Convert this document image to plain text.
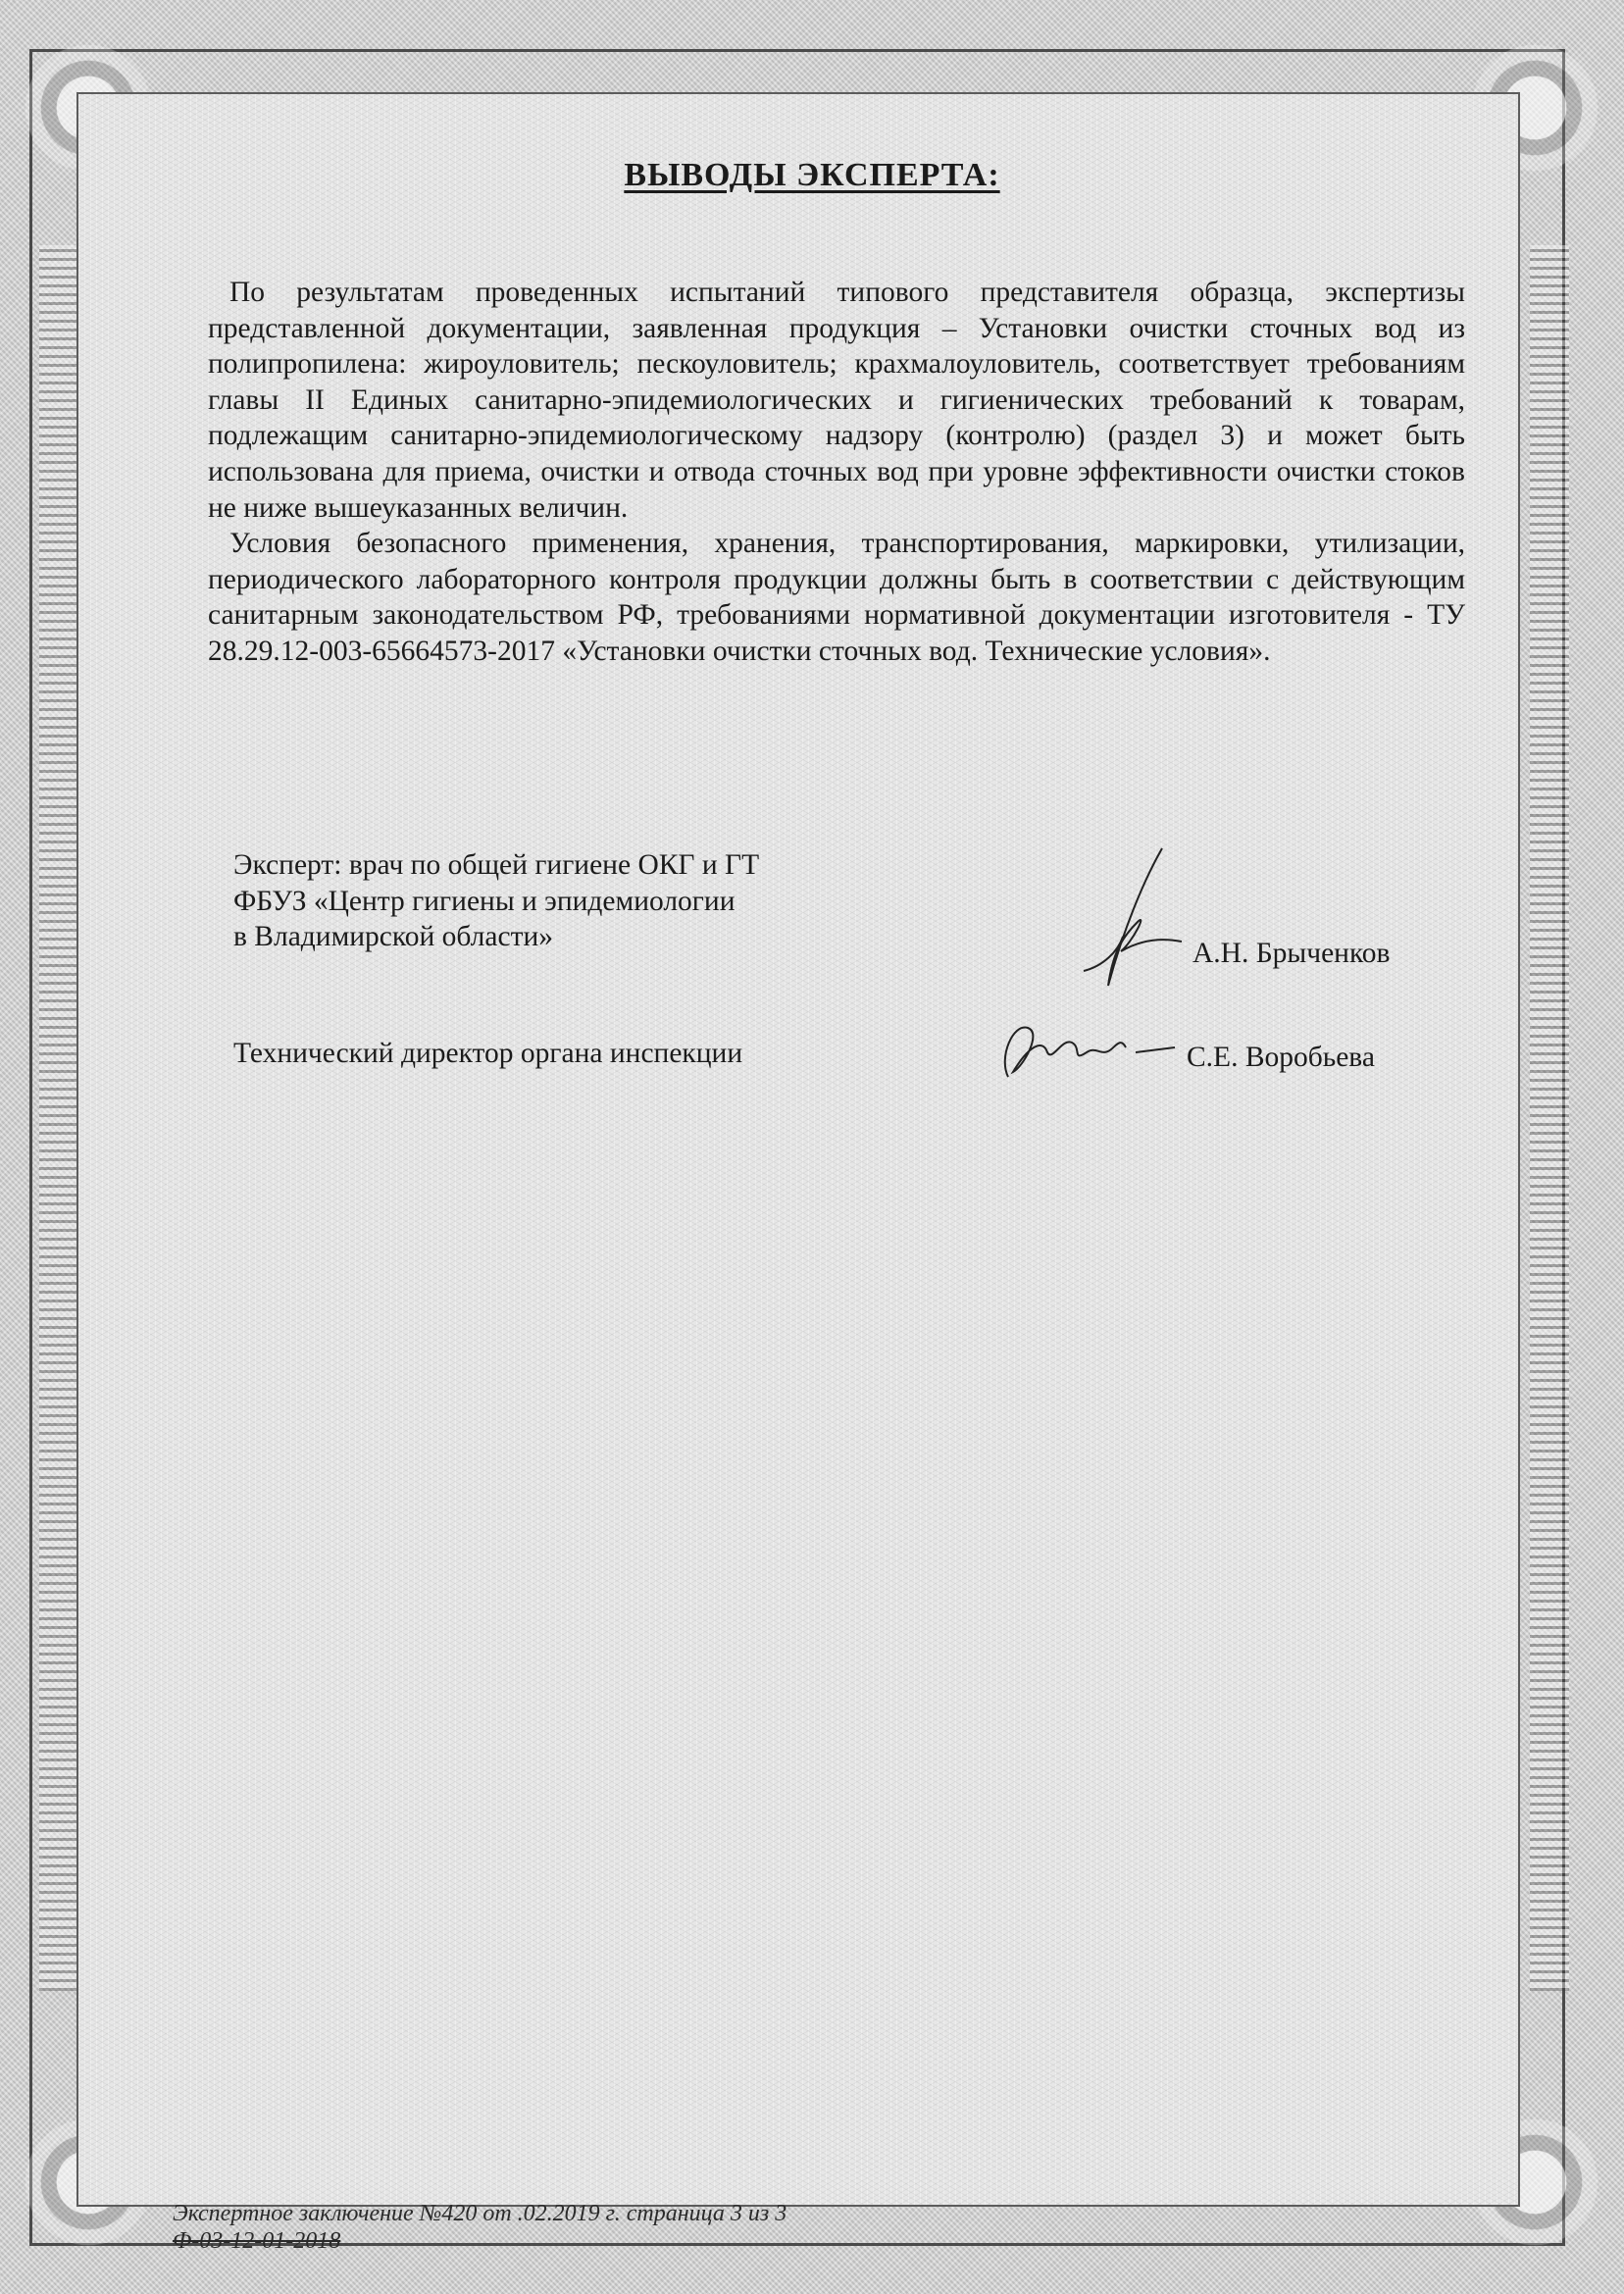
ВЫВОДЫ ЭКСПЕРТА:

По результатам проведенных испытаний типового представителя образца, экспертизы представленной документации, заявленная продукция – Установки очистки сточных вод из полипропилена: жироуловитель; пескоуловитель; крахмалоуловитель, соответствует требованиям главы II Единых санитарно-эпидемиологических и гигиенических требований к товарам, подлежащим санитарно-эпидемиологическому надзору (контролю) (раздел 3) и может быть использована для приема, очистки и отвода сточных вод при уровне эффективности очистки стоков не ниже вышеуказанных величин.

Условия безопасного применения, хранения, транспортирования, маркировки, утилизации, периодического лабораторного контроля продукции должны быть в соответствии с действующим санитарным законодательством РФ, требованиями нормативной документации изготовителя - ТУ 28.29.12-003-65664573-2017 «Установки очистки сточных вод. Технические условия».

Эксперт: врач по общей гигиене ОКГ и ГТ
ФБУЗ «Центр гигиены и эпидемиологии
в Владимирской области»
А.Н. Брыченков
Технический директор органа инспекции	С.Е. Воробьева
Экспертное заключение №420 от .02.2019 г. страница 3 из 3
Ф-03-12-01-2018
